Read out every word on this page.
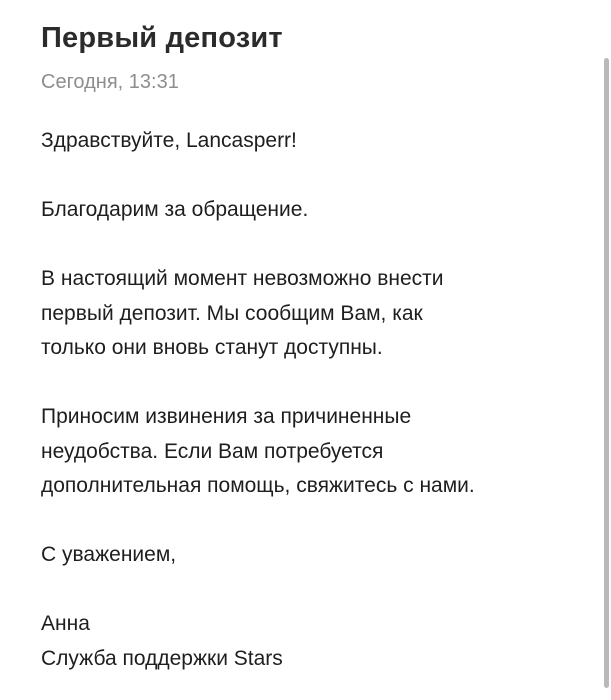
Первый депозит
Сегодня, 13:31

Здравствуйте, Lancasperr!

Благодарим за обращение.

В настоящий момент невозможно внести
первый депозит. Мы сообщим Вам, как
только они вновь станут доступны.

Приносим извинения за причиненные
неудобства. Если Вам потребуется
дополнительная помощь, свяжитесь с нами.

С уважением,

Анна
Служба поддержки Stars
